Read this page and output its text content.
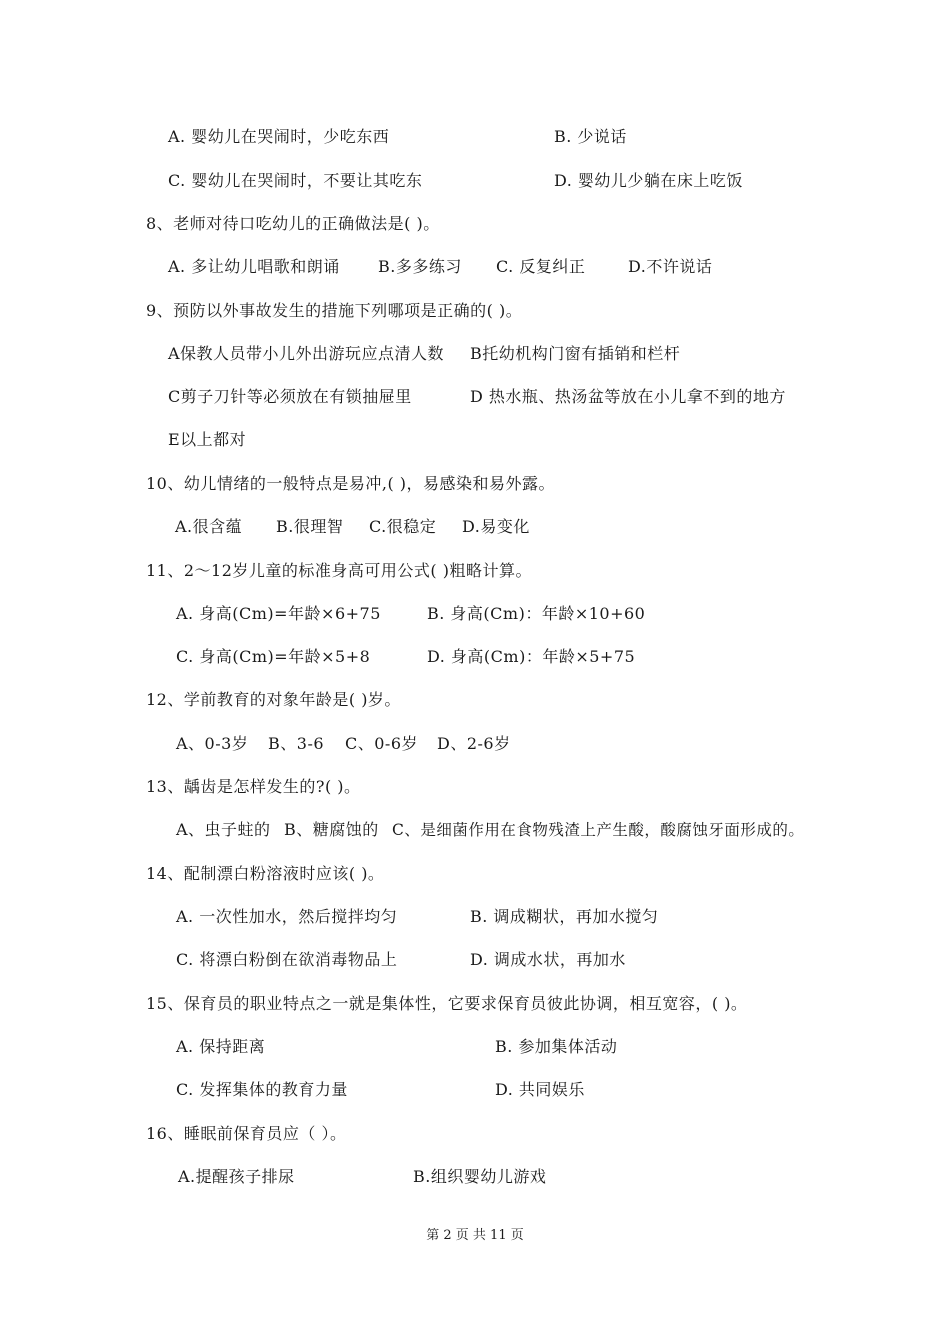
A. 婴幼儿在哭闹时，少吃东西	B. 少说话
C. 婴幼儿在哭闹时，不要让其吃东	D. 婴幼儿少躺在床上吃饭
8、老师对待口吃幼儿的正确做法是( )。
A. 多让幼儿唱歌和朗诵 B.多多练习 C. 反复纠正	D.不许说话
9、预防以外事故发生的措施下列哪项是正确的( )。
A保教人员带小儿外出游玩应点清人数 B托幼机构门窗有插销和栏杆
C剪子刀针等必须放在有锁抽屉里	D 热水瓶、热汤盆等放在小儿拿不到的地方
E以上都对
10、幼儿情绪的一般特点是易冲,( )，易感染和易外露。
A.很含蕴 B.很理智 C.很稳定 D.易变化
11、2～12岁儿童的标准身高可用公式( )粗略计算。
A. 身高(Cm)=年龄×6+75	B. 身高(Cm)：年龄×10+60
C. 身高(Cm)=年龄×5+8	D. 身高(Cm)：年龄×5+75
12、学前教育的对象年龄是( )岁。
A、0-3岁 B、3-6 C、0-6岁 D、2-6岁
13、龋齿是怎样发生的?( )。
A、虫子蛀的 B、糖腐蚀的 C、是细菌作用在食物残渣上产生酸，酸腐蚀牙面形成的。
14、配制漂白粉溶液时应该( )。
A. 一次性加水，然后搅拌均匀	B. 调成糊状，再加水搅匀
C. 将漂白粉倒在欲消毒物品上	D. 调成水状，再加水
15、保育员的职业特点之一就是集体性，它要求保育员彼此协调，相互宽容，( )。
A. 保持距离	B. 参加集体活动
C. 发挥集体的教育力量	D. 共同娱乐
16、睡眠前保育员应（ ）。
A.提醒孩子排尿	B.组织婴幼儿游戏
第 2 页 共 11 页
